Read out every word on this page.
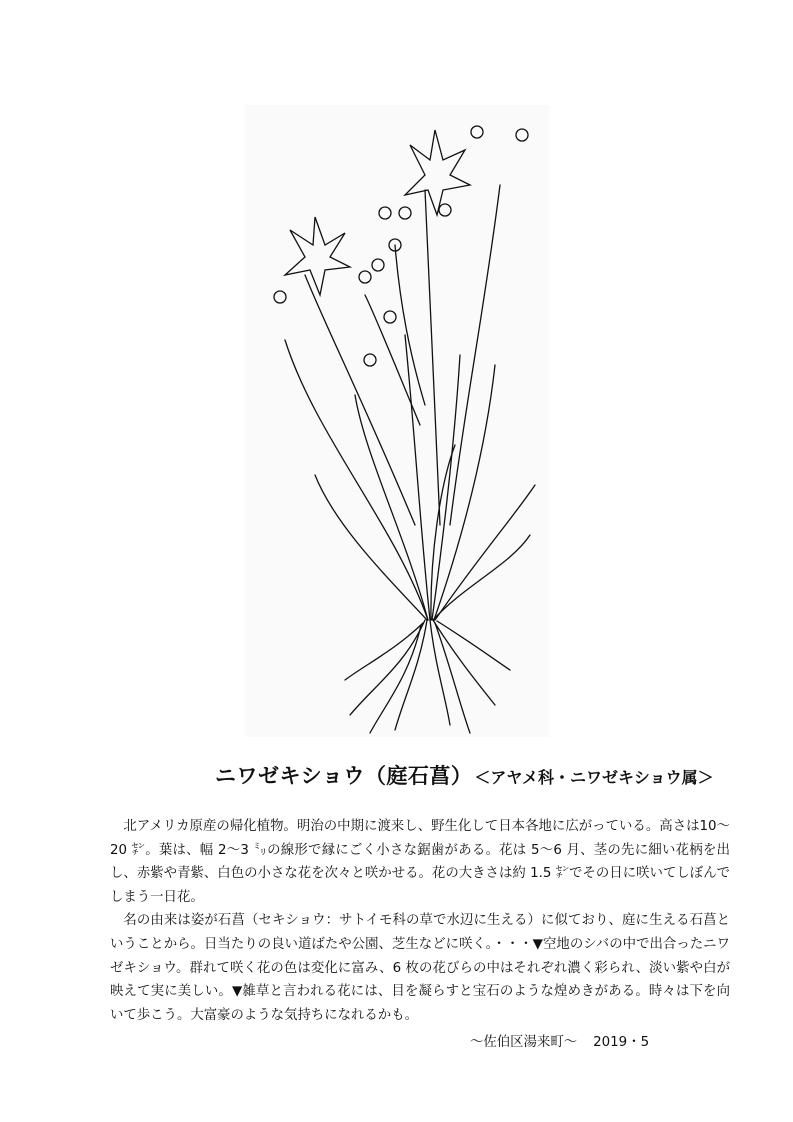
ニワゼキショウ（庭石菖） ＜アヤメ科・ニワゼキショウ属＞

北アメリカ原産の帰化植物。明治の中期に渡来し、野生化して日本各地に広がっている。高さは10〜20 ㌢。葉は、幅 2〜3 ㍉の線形で縁にごく小さな鋸歯がある。花は 5〜6 月、茎の先に細い花柄を出し、赤紫や青紫、白色の小さな花を次々と咲かせる。花の大きさは約 1.5 ㌢でその日に咲いてしぼんでしまう一日花。

名の由来は姿が石菖（セキショウ：サトイモ科の草で水辺に生える）に似ており、庭に生える石菖ということから。日当たりの良い道ばたや公園、芝生などに咲く。・・・▼空地のシバの中で出合ったニワゼキショウ。群れて咲く花の色は変化に富み、6 枚の花びらの中はそれぞれ濃く彩られ、淡い紫や白が映えて実に美しい。▼雑草と言われる花には、目を凝らすと宝石のような煌めきがある。時々は下を向いて歩こう。大富豪のような気持ちになれるかも。

〜佐伯区湯来町〜 2019・5
